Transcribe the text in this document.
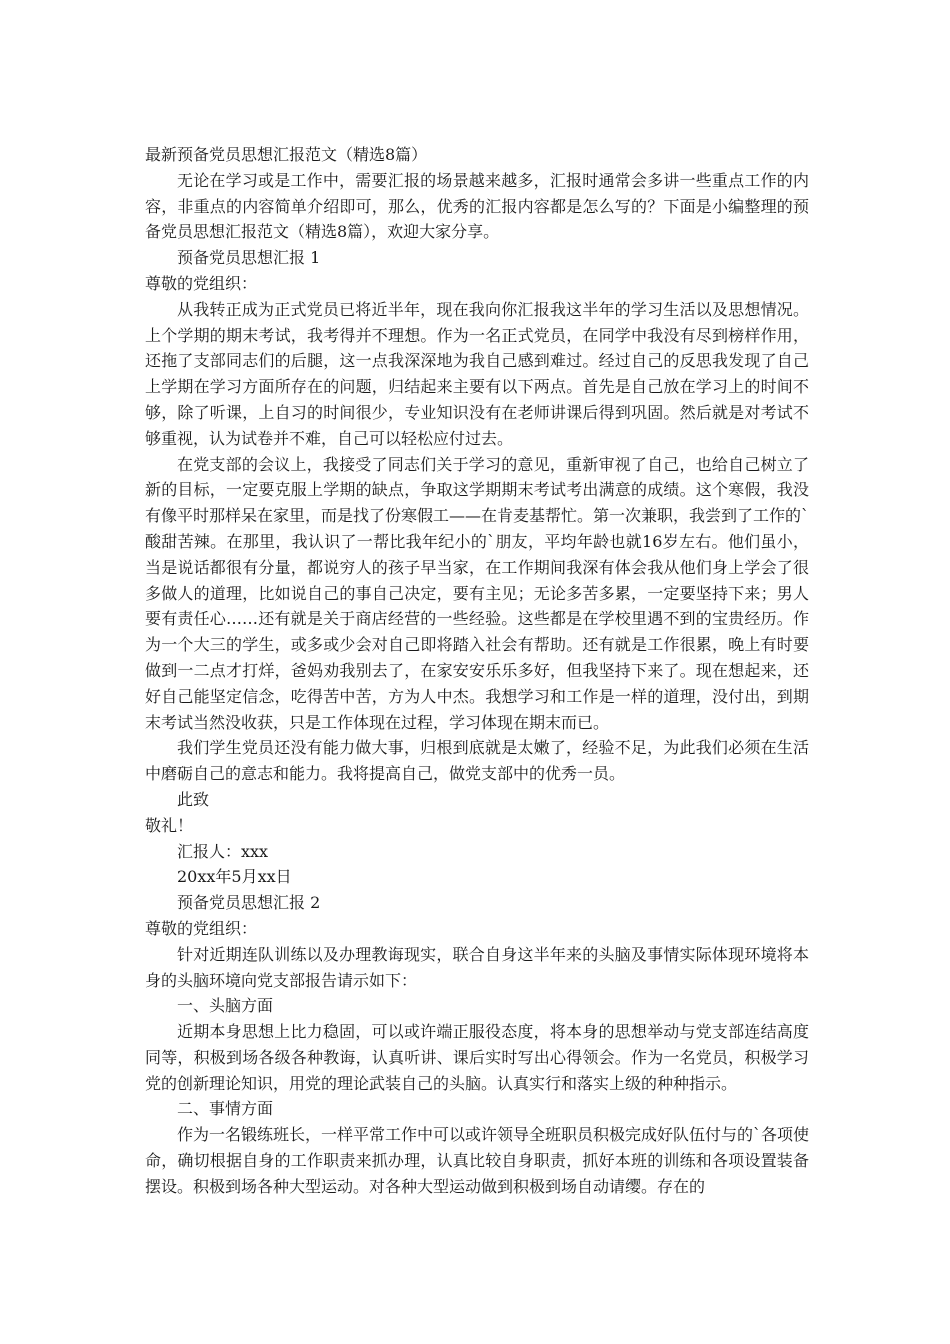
最新预备党员思想汇报范文（精选8篇）

无论在学习或是工作中，需要汇报的场景越来越多，汇报时通常会多讲一些重点工作的内容，非重点的内容简单介绍即可，那么，优秀的汇报内容都是怎么写的？下面是小编整理的预备党员思想汇报范文（精选8篇），欢迎大家分享。

预备党员思想汇报 1

尊敬的党组织：

从我转正成为正式党员已将近半年，现在我向你汇报我这半年的学习生活以及思想情况。上个学期的期末考试，我考得并不理想。作为一名正式党员，在同学中我没有尽到榜样作用，还拖了支部同志们的后腿，这一点我深深地为我自己感到难过。经过自己的反思我发现了自己上学期在学习方面所存在的问题，归结起来主要有以下两点。首先是自己放在学习上的时间不够，除了听课，上自习的时间很少，专业知识没有在老师讲课后得到巩固。然后就是对考试不够重视，认为试卷并不难，自己可以轻松应付过去。

在党支部的会议上，我接受了同志们关于学习的意见，重新审视了自己，也给自己树立了新的目标，一定要克服上学期的缺点，争取这学期期末考试考出满意的成绩。这个寒假，我没有像平时那样呆在家里，而是找了份寒假工——在肯麦基帮忙。第一次兼职，我尝到了工作的`酸甜苦辣。在那里，我认识了一帮比我年纪小的`朋友，平均年龄也就16岁左右。他们虽小，当是说话都很有分量，都说穷人的孩子早当家，在工作期间我深有体会我从他们身上学会了很多做人的道理，比如说自己的事自己决定，要有主见；无论多苦多累，一定要坚持下来；男人要有责任心……还有就是关于商店经营的一些经验。这些都是在学校里遇不到的宝贵经历。作为一个大三的学生，或多或少会对自己即将踏入社会有帮助。还有就是工作很累，晚上有时要做到一二点才打烊，爸妈劝我别去了，在家安安乐乐多好，但我坚持下来了。现在想起来，还好自己能坚定信念，吃得苦中苦，方为人中杰。我想学习和工作是一样的道理，没付出，到期末考试当然没收获，只是工作体现在过程，学习体现在期末而已。

我们学生党员还没有能力做大事，归根到底就是太嫩了，经验不足，为此我们必须在生活中磨砺自己的意志和能力。我将提高自己，做党支部中的优秀一员。

此致

敬礼！

汇报人：xxx

20xx年5月xx日

预备党员思想汇报 2

尊敬的党组织：

针对近期连队训练以及办理教诲现实，联合自身这半年来的头脑及事情实际体现环境将本身的头脑环境向党支部报告请示如下：

一、头脑方面

近期本身思想上比力稳固，可以或许端正服役态度，将本身的思想举动与党支部连结高度同等，积极到场各级各种教诲，认真听讲、课后实时写出心得领会。作为一名党员，积极学习党的创新理论知识，用党的理论武装自己的头脑。认真实行和落实上级的种种指示。

二、事情方面

作为一名锻练班长，一样平常工作中可以或许领导全班职员积极完成好队伍付与的`各项使命，确切根据自身的工作职责来抓办理，认真比较自身职责，抓好本班的训练和各项设置装备摆设。积极到场各种大型运动。对各种大型运动做到积极到场自动请缨。存在的
